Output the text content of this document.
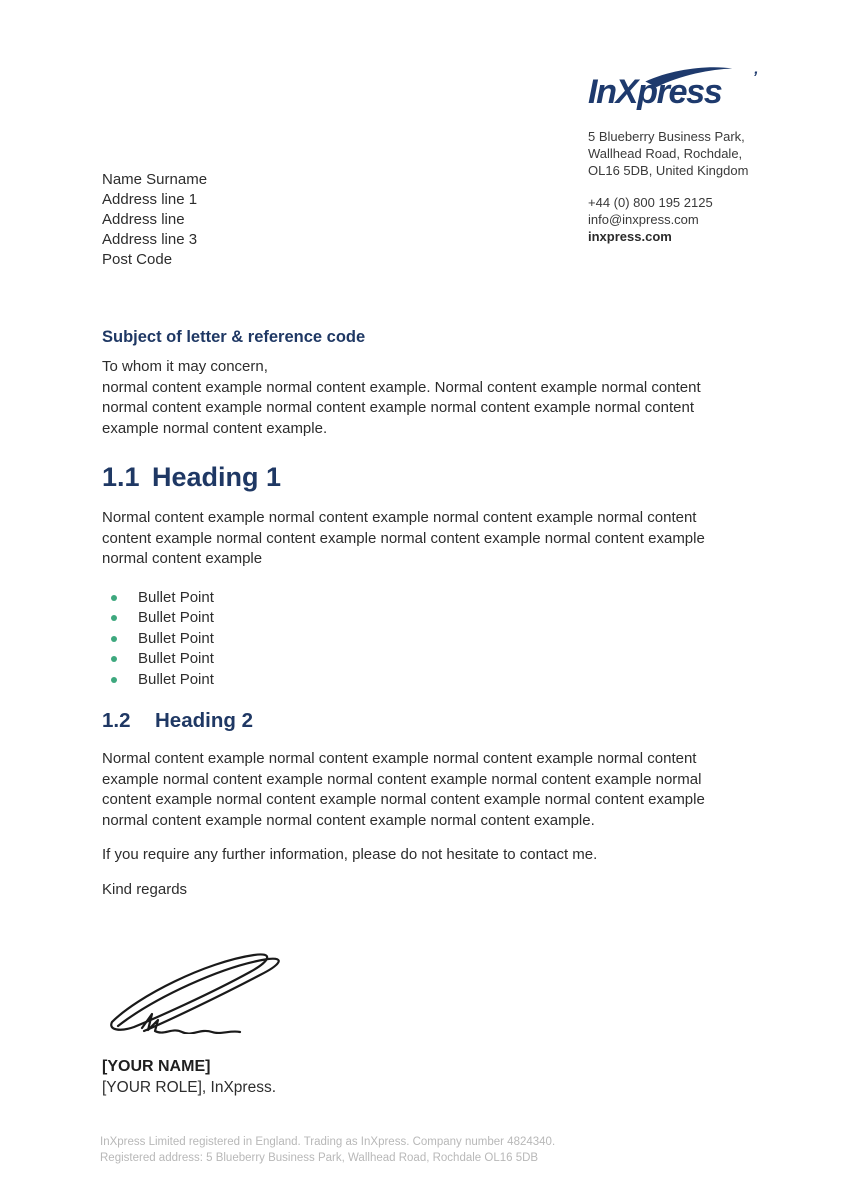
InXpress ’
5 Blueberry Business Park,
Wallhead Road, Rochdale,
OL16 5DB, United Kingdom
+44 (0) 800 195 2125
info@inxpress.com
inxpress.com
Name Surname
Address line 1
Address line
Address line 3
Post Code
Subject of letter & reference code

To whom it may concern,
normal content example normal content example. Normal content example normal content normal content example normal content example normal content example normal content example normal content example.

1.1 Heading 1

Normal content example normal content example normal content example normal content content example normal content example normal content example normal content example normal content example

Bullet Point
Bullet Point
Bullet Point
Bullet Point
Bullet Point
1.2 Heading 2

Normal content example normal content example normal content example normal content example normal content example normal content example normal content example normal content example normal content example normal content example normal content example normal content example normal content example normal content example.

If you require any further information, please do not hesitate to contact me.

Kind regards

[YOUR NAME]
[YOUR ROLE], InXpress.
InXpress Limited registered in England. Trading as InXpress. Company number 4824340.
Registered address: 5 Blueberry Business Park, Wallhead Road, Rochdale OL16 5DB
